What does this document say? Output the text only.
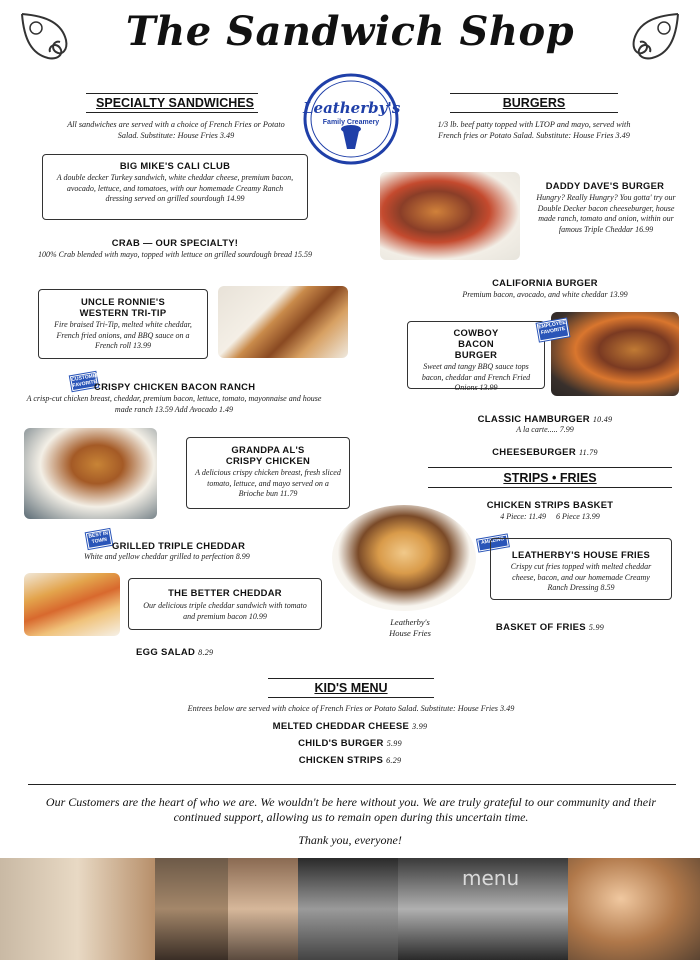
The Sandwich Shop
Leatherby's
Family Creamery
SPECIALTY SANDWICHES
All sandwiches are served with a choice of French Fries or Potato Salad. Substitute: House Fries 3.49
BIG MIKE'S CALI CLUB
A double decker Turkey sandwich, white cheddar cheese, premium bacon, avocado, lettuce, and tomatoes, with our homemade Creamy Ranch dressing served on grilled sourdough 14.99
CRAB — OUR SPECIALTY!
100% Crab blended with mayo, topped with lettuce on grilled sourdough bread 15.59
UNCLE RONNIE'S WESTERN TRI-TIP
Fire braised Tri-Tip, melted white cheddar, French fried onions, and BBQ sauce on a French roll 13.99
CUSTOMER FAVORITE
CRISPY CHICKEN BACON RANCH
A crisp-cut chicken breast, cheddar, premium bacon, lettuce, tomato, mayonnaise and house made ranch 13.59 Add Avocado 1.49
GRANDPA AL'S CRISPY CHICKEN
A delicious crispy chicken breast, fresh sliced tomato, lettuce, and mayo served on a Brioche bun 11.79
BEST IN TOWN GRILLED TRIPLE CHEDDAR
White and yellow cheddar grilled to perfection 8.99
THE BETTER CHEDDAR
Our delicious triple cheddar sandwich with tomato and premium bacon 10.99
EGG SALAD 8.29
BURGERS
1/3 lb. beef patty topped with LTOP and mayo, served with French fries or Potato Salad. Substitute: House Fries 3.49
DADDY DAVE'S BURGER
Hungry? Really Hungry? You gotta' try our Double Decker bacon cheeseburger, house made ranch, tomato and onion, within our famous Triple Cheddar 16.99
CALIFORNIA BURGER
Premium bacon, avocado, and white cheddar 13.99
COWBOY BACON BURGER
Sweet and tangy BBQ sauce tops bacon, cheddar and French Fried Onions 13.99
EMPLOYEE FAVORITE
CLASSIC HAMBURGER 10.49
A la carte..... 7.99
CHEESEBURGER 11.79
STRIPS • FRIES
CHICKEN STRIPS BASKET
4 Piece: 11.49     6 Piece 13.99
AMAZING
Leatherby's House Fries
LEATHERBY'S HOUSE FRIES
Crispy cut fries topped with melted cheddar cheese, bacon, and our homemade Creamy Ranch Dressing 8.59
BASKET OF FRIES 5.99
KID'S MENU
Entrees below are served with choice of French Fries or Potato Salad. Substitute: House Fries 3.49
MELTED CHEDDAR CHEESE 3.99
CHILD'S BURGER 5.99
CHICKEN STRIPS 6.29
Our Customers are the heart of who we are. We wouldn't be here without you. We are truly grateful to our community and their continued support, allowing us to remain open during this uncertain time.
Thank you, everyone!
menu
